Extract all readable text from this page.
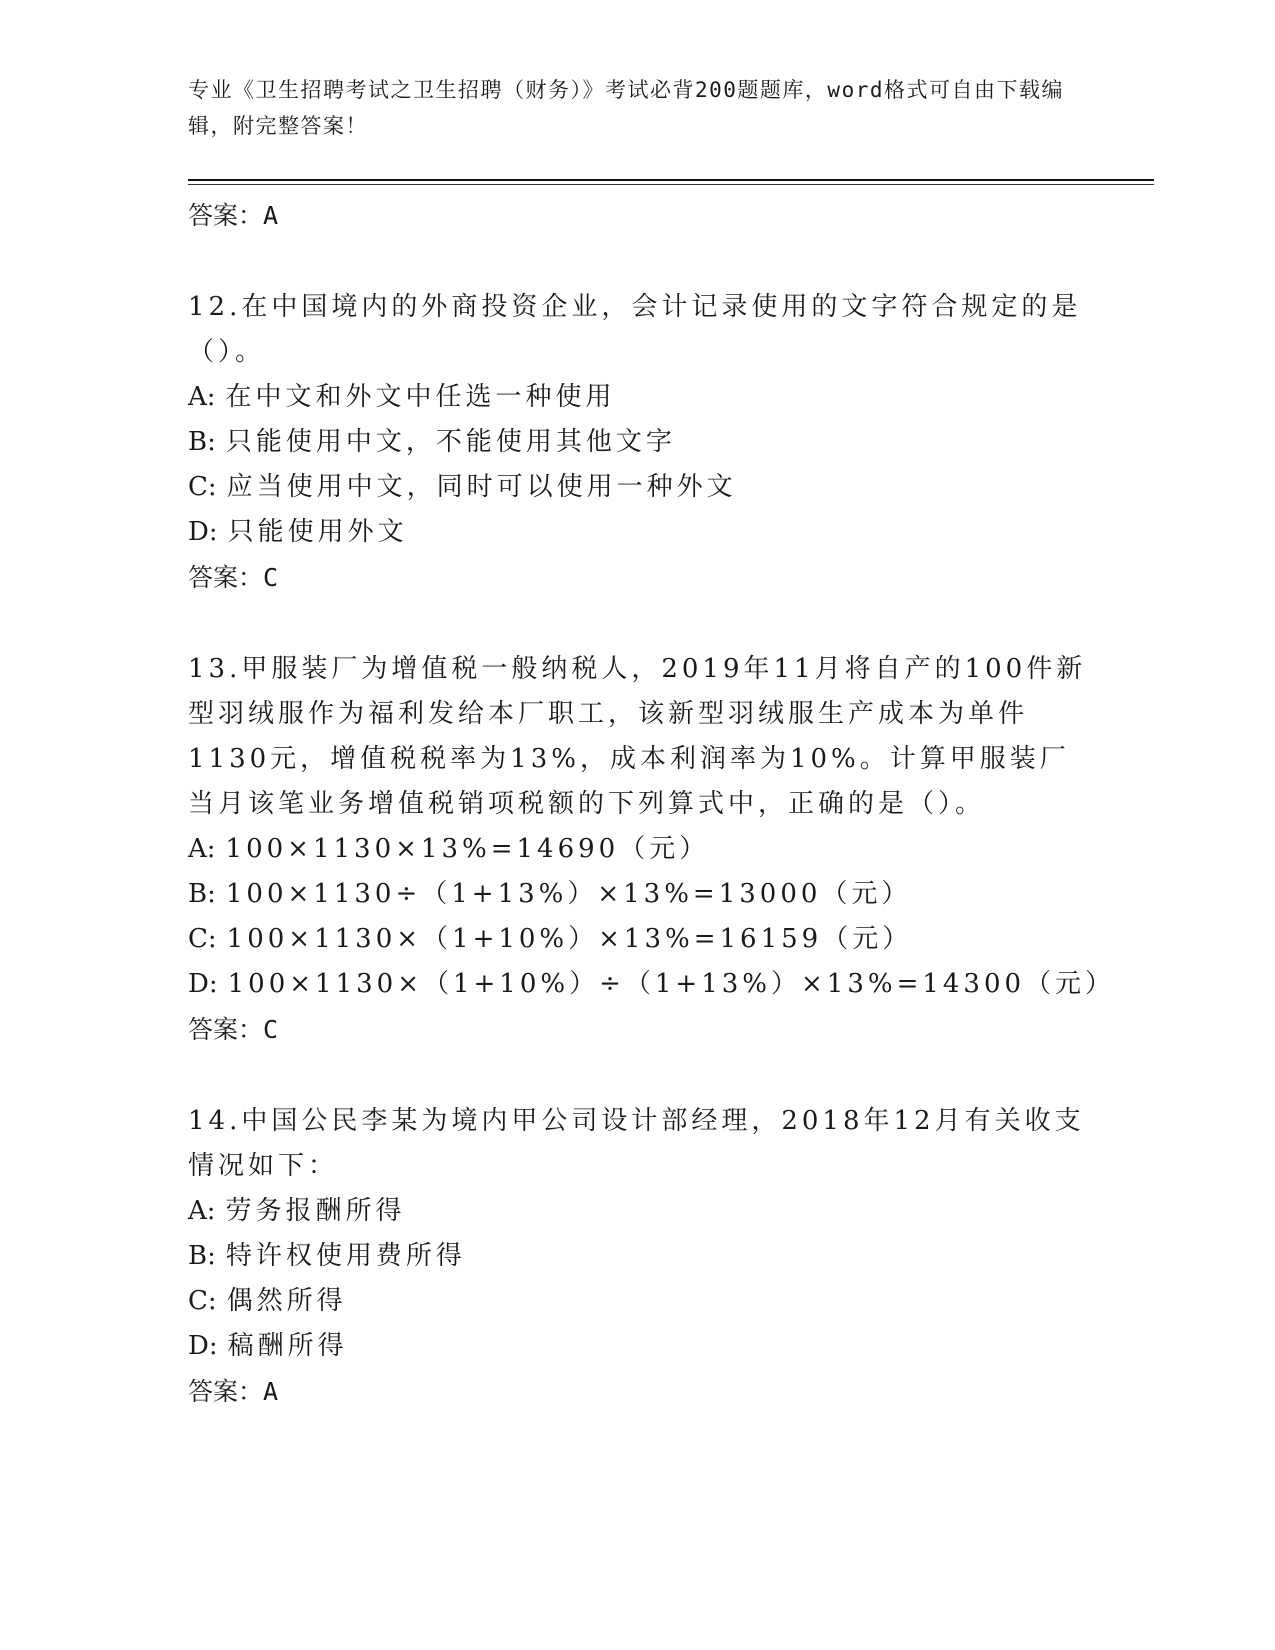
专业《卫生招聘考试之卫生招聘（财务）》考试必背200题题库，word格式可自由下载编辑，附完整答案！
答案：A

12.在中国境内的外商投资企业，会计记录使用的文字符合规定的是（）。

A: 在中文和外文中任选一种使用
B: 只能使用中文，不能使用其他文字
C: 应当使用中文，同时可以使用一种外文
D: 只能使用外文
答案：C

13.甲服装厂为增值税一般纳税人，2019年11月将自产的100件新型羽绒服作为福利发给本厂职工，该新型羽绒服生产成本为单件1130元，增值税税率为13%，成本利润率为10%。计算甲服装厂当月该笔业务增值税销项税额的下列算式中，正确的是（）。

A: 100×1130×13%=14690（元）
B: 100×1130÷（1+13%）×13%=13000（元）
C: 100×1130×（1+10%）×13%=16159（元）
D: 100×1130×（1+10%）÷（1+13%）×13%=14300（元）
答案：C

14.中国公民李某为境内甲公司设计部经理，2018年12月有关收支情况如下：

A: 劳务报酬所得
B: 特许权使用费所得
C: 偶然所得
D: 稿酬所得
答案：A
